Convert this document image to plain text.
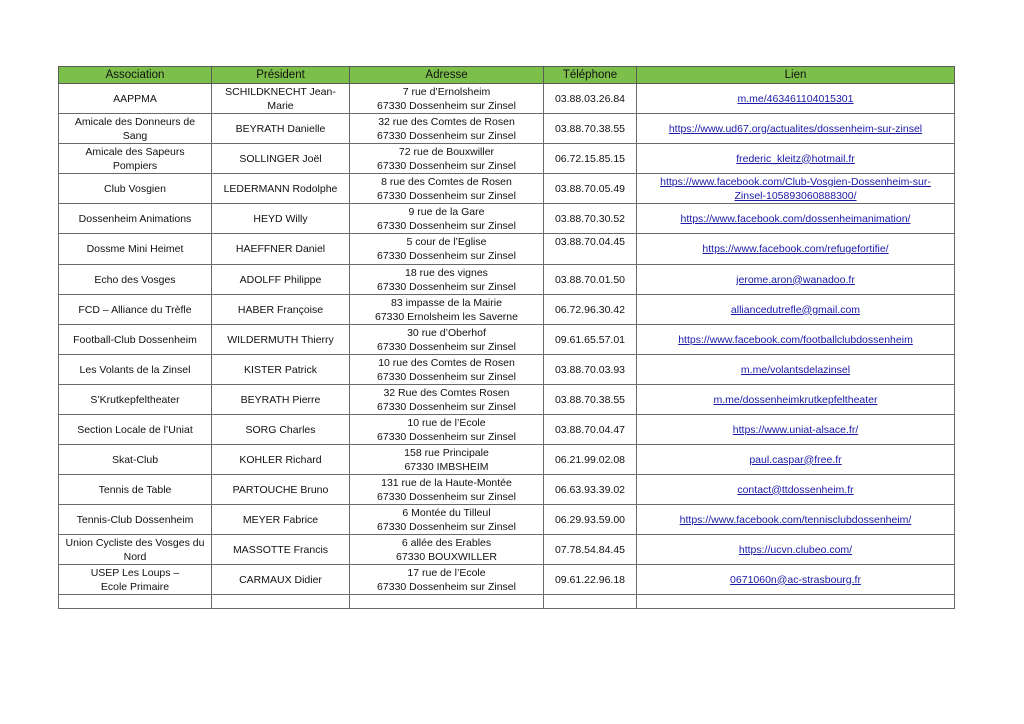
Association	Président	Adresse	Téléphone	Lien
AAPPMA	SCHILDKNECHT Jean-Marie	7 rue d’Ernolsheim
67330 Dossenheim sur Zinsel	03.88.03.26.84	m.me/463461104015301

Amicale des Donneurs de Sang	BEYRATH Danielle	32 rue des Comtes de Rosen
67330 Dossenheim sur Zinsel	03.88.70.38.55	https://www.ud67.org/actualites/dossenheim-sur-zinsel

Amicale des Sapeurs Pompiers	SOLLINGER Joël	72 rue de Bouxwiller
67330 Dossenheim sur Zinsel	06.72.15.85.15	frederic_kleitz@hotmail.fr

Club Vosgien	LEDERMANN Rodolphe	8 rue des Comtes de Rosen
67330 Dossenheim sur Zinsel	03.88.70.05.49	https://www.facebook.com/Club-Vosgien-Dossenheim-sur-
Zinsel-105893060888300/

Dossenheim Animations	HEYD Willy	9 rue de la Gare
67330 Dossenheim sur Zinsel	03.88.70.30.52	https://www.facebook.com/dossenheimanimation/

Dossme Mini Heimet	HAEFFNER Daniel	5 cour de l’Eglise
67330 Dossenheim sur Zinsel	03.88.70.04.45	https://www.facebook.com/refugefortifie/

Echo des Vosges	ADOLFF Philippe	18 rue des vignes
67330 Dossenheim sur Zinsel	03.88.70.01.50	jerome.aron@wanadoo.fr

FCD – Alliance du Trèfle	HABER Françoise	83 impasse de la Mairie
67330 Ernolsheim les Saverne	06.72.96.30.42	alliancedutrefle@gmail.com

Football-Club Dossenheim	WILDERMUTH Thierry	30 rue d’Oberhof
67330 Dossenheim sur Zinsel	09.61.65.57.01	https://www.facebook.com/footballclubdossenheim

Les Volants de la Zinsel	KISTER Patrick	10 rue des Comtes de Rosen
67330 Dossenheim sur Zinsel	03.88.70.03.93	m.me/volantsdelazinsel

S’Krutkepfeltheater	BEYRATH Pierre	32 Rue des Comtes Rosen
67330 Dossenheim sur Zinsel	03.88.70.38.55	m.me/dossenheimkrutkepfeltheater

Section Locale de l’Uniat	SORG Charles	10 rue de l’Ecole
67330 Dossenheim sur Zinsel	03.88.70.04.47	https://www.uniat-alsace.fr/

Skat-Club	KOHLER Richard	158 rue Principale
67330 IMBSHEIM	06.21.99.02.08	paul.caspar@free.fr

Tennis de Table	PARTOUCHE Bruno	131 rue de la Haute-Montée
67330 Dossenheim sur Zinsel	06.63.93.39.02	contact@ttdossenheim.fr

Tennis-Club Dossenheim	MEYER Fabrice	6 Montée du Tilleul
67330 Dossenheim sur Zinsel	06.29.93.59.00	https://www.facebook.com/tennisclubdossenheim/

Union Cycliste des Vosges du Nord	MASSOTTE Francis	6 allée des Erables
67330 BOUXWILLER	07.78.54.84.45	https://ucvn.clubeo.com/

USEP Les Loups –
Ecole Primaire	CARMAUX Didier	17 rue de l’Ecole
67330 Dossenheim sur Zinsel	09.61.22.96.18	0671060n@ac-strasbourg.fr
